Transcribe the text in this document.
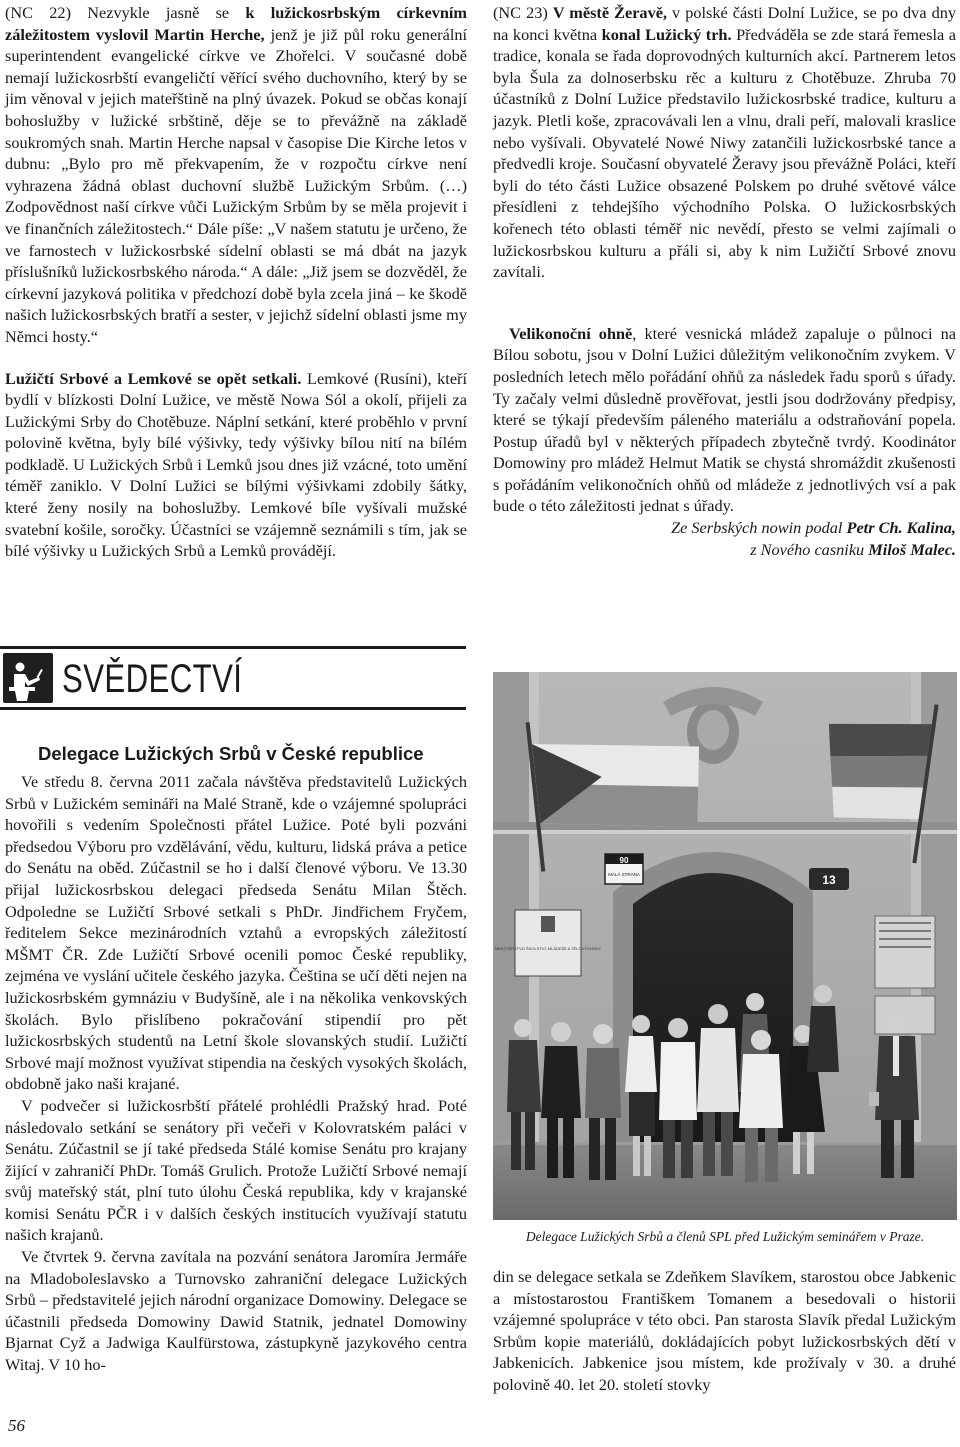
(NC 22) Nezvykle jasně se k lužickosrbským církevním záležitostem vyslovil Martin Herche, jenž je již půl roku generální superintendent evangelické církve ve Zhořelci. V současné době nemají lužickosrbští evangeličtí věřící svého duchovního, který by se jim věnoval v jejich mateřštině na plný úvazek. Pokud se občas konají bohoslužby v lužické srbštině, děje se to převážně na základě soukromých snah. Martin Herche napsal v časopise Die Kirche letos v dubnu: „Bylo pro mě překvapením, že v rozpočtu církve není vyhrazena žádná oblast duchovní službě Lužickým Srbům. (…) Zodpovědnost naší církve vůči Lužickým Srbům by se měla projevit i ve finančních záležitostech.“ Dále píše: „V našem statutu je určeno, že ve farnostech v lužickosrbské sídelní oblasti se má dbát na jazyk příslušníků lužickosrbského národa.“ A dále: „Již jsem se dozvěděl, že církevní jazyková politika v předchozí době byla zcela jiná – ke škodě našich lužickosrbských bratří a sester, v jejichž sídelní oblasti jsme my Němci hosty.“

Lužičtí Srbové a Lemkové se opět setkali. Lemkové (Rusíni), kteří bydlí v blízkosti Dolní Lužice, ve městě Nowa Sól a okolí, přijeli za Lužickými Srby do Chotěbuze. Náplní setkání, které proběhlo v první polovině května, byly bílé výšivky, tedy výšivky bílou nití na bílém podkladě. U Lužických Srbů i Lemků jsou dnes již vzácné, toto umění téměř zaniklo. V Dolní Lužici se bílými výšivkami zdobily šátky, které ženy nosily na bohoslužby. Lemkové bíle vyšívali mužské svatební košile, soročky. Účastníci se vzájemně seznámili s tím, jak se bílé výšivky u Lužických Srbů a Lemků provádějí.

(NC 23) V městě Žeravě, v polské části Dolní Lužice, se po dva dny na konci května konal Lužický trh. Předváděla se zde stará řemesla a tradice, konala se řada doprovodných kulturních akcí. Partnerem letos byla Šula za dolnoserbsku rěc a kulturu z Chotěbuze. Zhruba 70 účastníků z Dolní Lužice představilo lužickosrbské tradice, kulturu a jazyk. Pletli koše, zpracovávali len a vlnu, drali peří, malovali kraslice nebo vyšívali. Obyvatelé Nowé Niwy zatančili lužickosrbské tance a předvedli kroje. Současní obyvatelé Žeravy jsou převážně Poláci, kteří byli do této části Lužice obsazené Polskem po druhé světové válce přesídleni z tehdejšího východního Polska. O lužickosrbských kořenech této oblasti téměř nic nevědí, přesto se velmi zajímali o lužickosrbskou kulturu a přáli si, aby k nim Lužičtí Srbové znovu zavítali.

Velikonoční ohně, které vesnická mládež zapaluje o půlnoci na Bílou sobotu, jsou v Dolní Lužici důležitým velikonočním zvykem. V posledních letech mělo pořádání ohňů za následek řadu sporů s úřady. Ty začaly velmi důsledně prověřovat, jestli jsou dodržovány předpisy, které se týkají především páleného materiálu a odstraňování popela. Postup úřadů byl v některých případech zbytečně tvrdý. Koodinátor Domowiny pro mládež Helmut Matik se chystá shromáždit zkušenosti s pořádáním velikonočních ohňů od mládeže z jednotlivých vsí a pak bude o této záležitosti jednat s úřady.

Ze Serbských nowin podal Petr Ch. Kalina,
z Nového casniku Miloš Malec.

SVĚDECTVÍ
Delegace Lužických Srbů v České republice

Ve středu 8. června 2011 začala návštěva představitelů Lužických Srbů v Lužickém semináři na Malé Straně, kde o vzájemné spolupráci hovořili s vedením Společnosti přátel Lužice. Poté byli pozváni předsedou Výboru pro vzdělávání, vědu, kulturu, lidská práva a petice do Senátu na oběd. Zúčastnil se ho i další členové výboru. Ve 13.30 přijal lužickosrbskou delegaci předseda Senátu Milan Štěch. Odpoledne se Lužičtí Srbové setkali s PhDr. Jindřichem Fryčem, ředitelem Sekce mezinárodních vztahů a evropských záležitostí MŠMT ČR. Zde Lužičtí Srbové ocenili pomoc České republiky, zejména ve vyslání učitele českého jazyka. Čeština se učí děti nejen na lužickosrbském gymnáziu v Budyšíně, ale i na několika venkovských školách. Bylo přislíbeno pokračování stipendií pro pět lužickosrbských studentů na Letní škole slovanských studií. Lužičtí Srbové mají možnost využívat stipendia na českých vysokých školách, obdobně jako naši krajané.

V podvečer si lužickosrbští přátelé prohlédli Pražský hrad. Poté následovalo setkání se senátory při večeři v Kolovratském paláci v Senátu. Zúčastnil se jí také předseda Stálé komise Senátu pro krajany žijící v zahraničí PhDr. Tomáš Grulich. Protože Lužičtí Srbové nemají svůj mateřský stát, plní tuto úlohu Česká republika, kdy v krajanské komisi Senátu PČR i v dalších českých institucích využívají statutu našich krajanů.

Ve čtvrtek 9. června zavítala na pozvání senátora Jaromíra Jermáře na Mladoboleslavsko a Turnovsko zahraniční delegace Lužických Srbů – představitelé jejich národní organizace Domowiny. Delegace se účastnili předseda Domowiny Dawid Statnik, jednatel Domowiny Bjarnat Cyž a Jadwiga Kaulfürstowa, zástupkyně jazykového centra Witaj. V 10 ho-

90
MALÁ STRANA
MINISTERSTVO ŠKOLSTVÍ, MLÁDEŽE A TĚLOVÝCHOVY
13
Delegace Lužických Srbů a členů SPL před Lužickým seminářem v Praze.

din se delegace setkala se Zdeňkem Slavíkem, starostou obce Jabkenic a místostarostou Františkem Tomanem a besedovali o historii vzájemné spolupráce v této obci. Pan starosta Slavík předal Lužickým Srbům kopie materiálů, dokládajících pobyt lužickosrbských dětí v Jabkenicích. Jabkenice jsou místem, kde prožívaly v 30. a druhé polovině 40. let 20. století stovky

56
